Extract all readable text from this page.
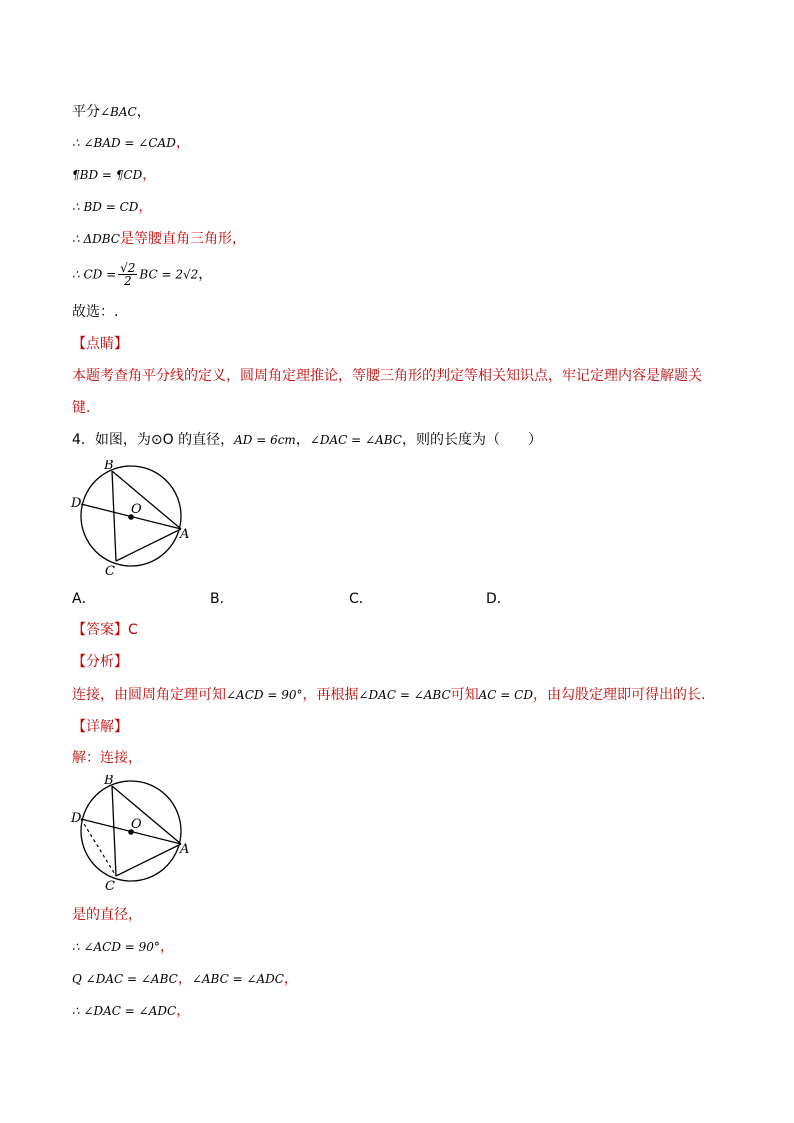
平分∠BAC，
∴ ∠BAD = ∠CAD，
¶BD = ¶CD，
∴ BD = CD，
∴ ΔDBC是等腰直角三角形，
∴ CD = $\frac{√2}{2}$ BC = 2√2，
故选：.
【点睛】
本题考查角平分线的定义，圆周角定理推论，等腰三角形的判定等相关知识点，牢记定理内容是解题关
键.
4．如图，为⊙O 的直径，AD = 6cm，∠DAC = ∠ABC，则的长度为（　　）
B
D	O
A
C
A．	B．	C．	D．
【答案】C
【分析】
连接，由圆周角定理可知∠ACD = 90°，再根据∠DAC = ∠ABC可知AC = CD，由勾股定理即可得出的长.
【详解】
解：连接，
B
D	O
A
C
是的直径，
∴ ∠ACD = 90°，
Q ∠DAC = ∠ABC，∠ABC = ∠ADC，
∴ ∠DAC = ∠ADC，
